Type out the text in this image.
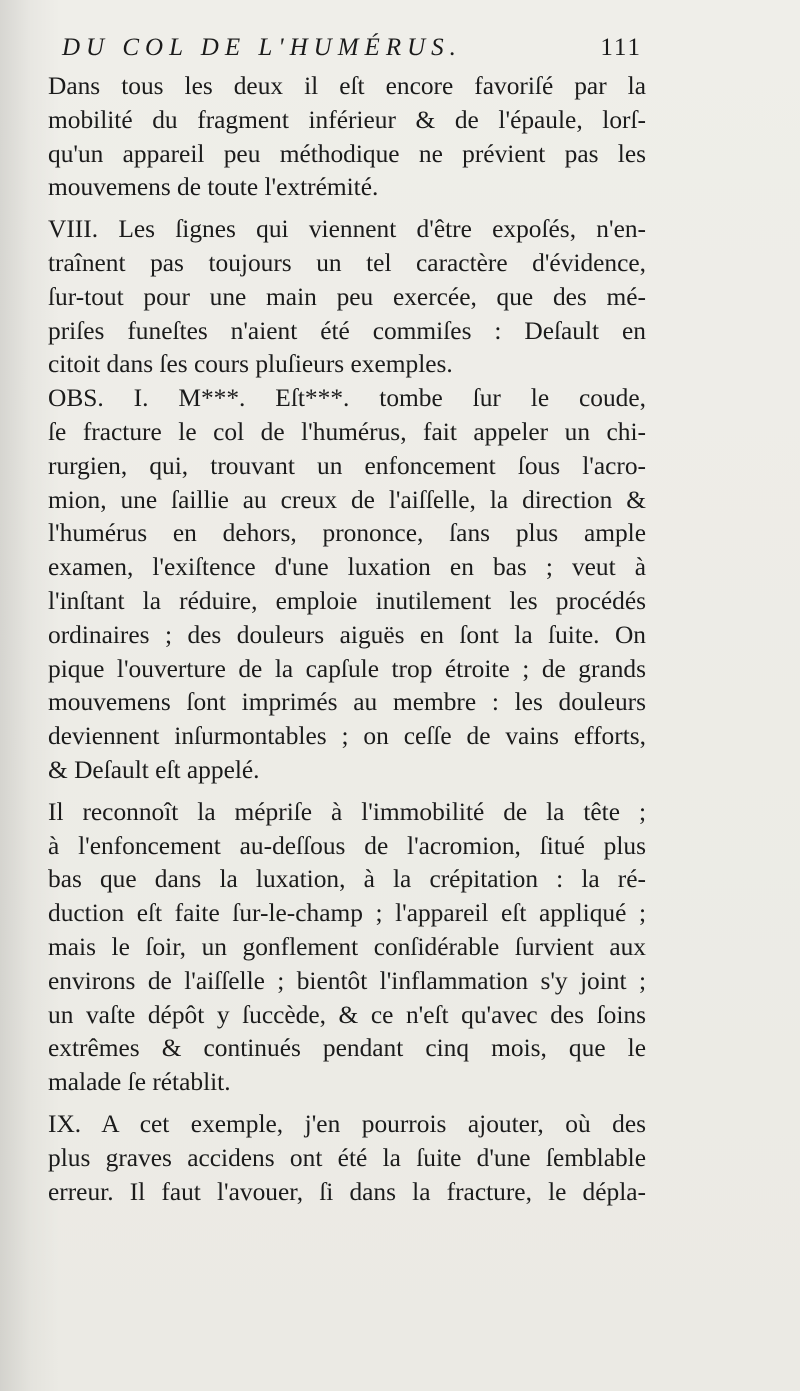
DU COL DE L'HUMÉRUS.	111
Dans tous les deux il eſt encore favoriſé par la
mobilité du fragment inférieur & de l'épaule, lorſ-
qu'un appareil peu méthodique ne prévient pas les
mouvemens de toute l'extrémité.
VIII. Les ſignes qui viennent d'être expoſés, n'en-
traînent pas toujours un tel caractère d'évidence,
ſur-tout pour une main peu exercée, que des mé-
priſes funeſtes n'aient été commiſes : Deſault en
citoit dans ſes cours pluſieurs exemples.
OBS. I. M***. Eſt***. tombe ſur le coude,
ſe fracture le col de l'humérus, fait appeler un chi-
rurgien, qui, trouvant un enfoncement ſous l'acro-
mion, une ſaillie au creux de l'aiſſelle, la direction &
l'humérus en dehors, prononce, ſans plus ample
examen, l'exiſtence d'une luxation en bas ; veut à
l'inſtant la réduire, emploie inutilement les procédés
ordinaires ; des douleurs aiguës en ſont la ſuite. On
pique l'ouverture de la capſule trop étroite ; de grands
mouvemens ſont imprimés au membre : les douleurs
deviennent inſurmontables ; on ceſſe de vains efforts,
& Deſault eſt appelé.
Il reconnoît la mépriſe à l'immobilité de la tête ;
à l'enfoncement au-deſſous de l'acromion, ſitué plus
bas que dans la luxation, à la crépitation : la ré-
duction eſt faite ſur-le-champ ; l'appareil eſt appliqué ;
mais le ſoir, un gonflement conſidérable ſurvient aux
environs de l'aiſſelle ; bientôt l'inflammation s'y joint ;
un vaſte dépôt y ſuccède, & ce n'eſt qu'avec des ſoins
extrêmes & continués pendant cinq mois, que le
malade ſe rétablit.
IX. A cet exemple, j'en pourrois ajouter, où des
plus graves accidens ont été la ſuite d'une ſemblable
erreur. Il faut l'avouer, ſi dans la fracture, le dépla-
